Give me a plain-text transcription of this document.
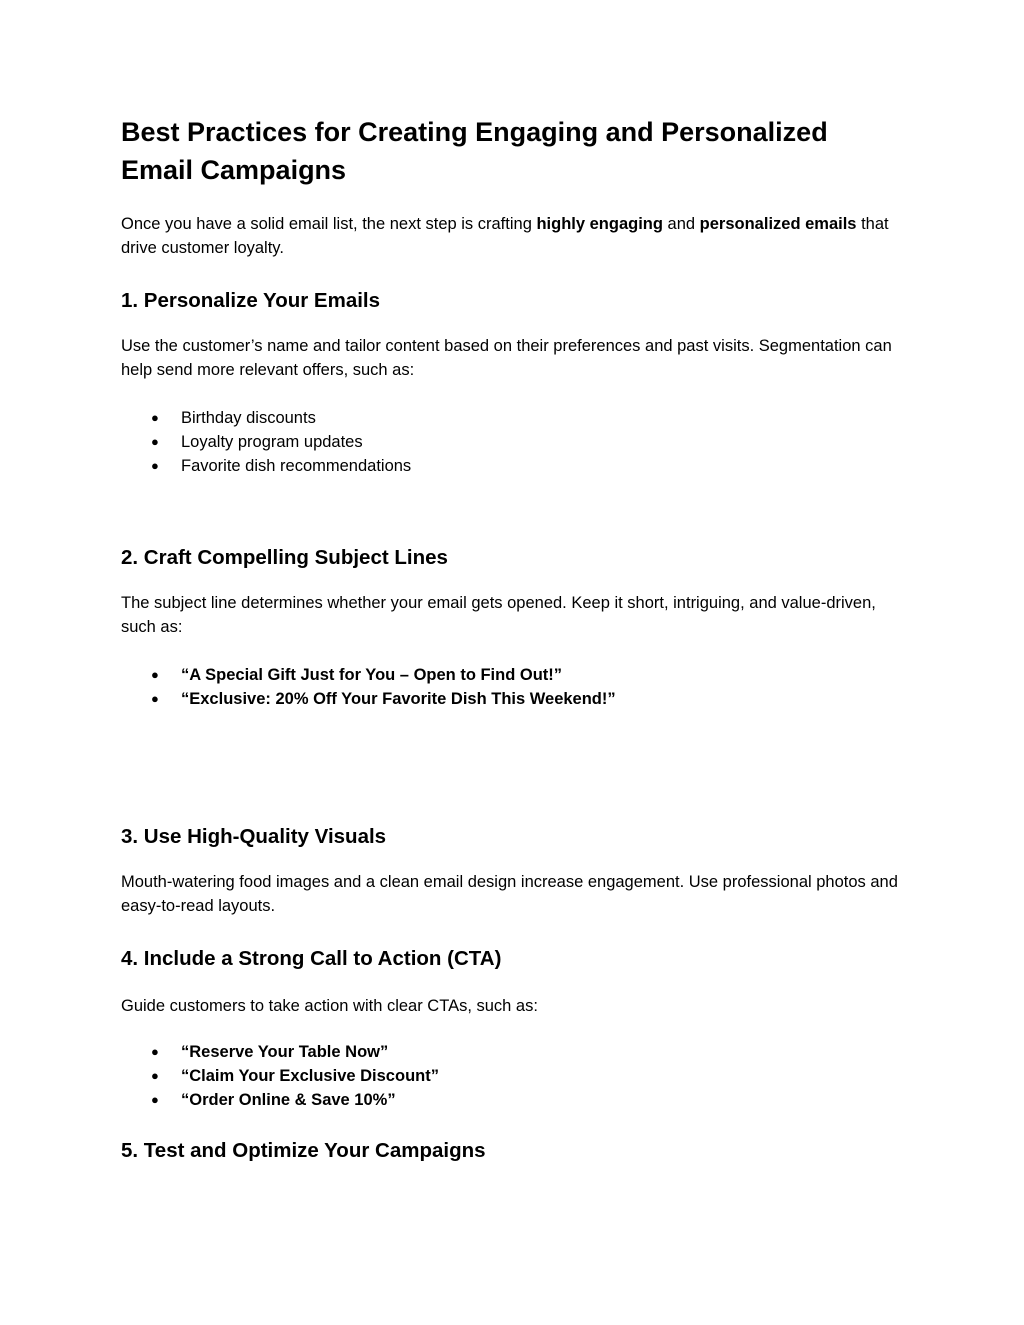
Best Practices for Creating Engaging and Personalized Email Campaigns

Once you have a solid email list, the next step is crafting highly engaging and personalized emails that drive customer loyalty.

1. Personalize Your Emails

Use the customer’s name and tailor content based on their preferences and past visits. Segmentation can help send more relevant offers, such as:

● Birthday discounts
● Loyalty program updates
● Favorite dish recommendations
2. Craft Compelling Subject Lines

The subject line determines whether your email gets opened. Keep it short, intriguing, and value-driven, such as:

● “A Special Gift Just for You – Open to Find Out!”
● “Exclusive: 20% Off Your Favorite Dish This Weekend!”
3. Use High-Quality Visuals

Mouth-watering food images and a clean email design increase engagement. Use professional photos and easy-to-read layouts.

4. Include a Strong Call to Action (CTA)

Guide customers to take action with clear CTAs, such as:

● “Reserve Your Table Now”
● “Claim Your Exclusive Discount”
● “Order Online & Save 10%”
5. Test and Optimize Your Campaigns
